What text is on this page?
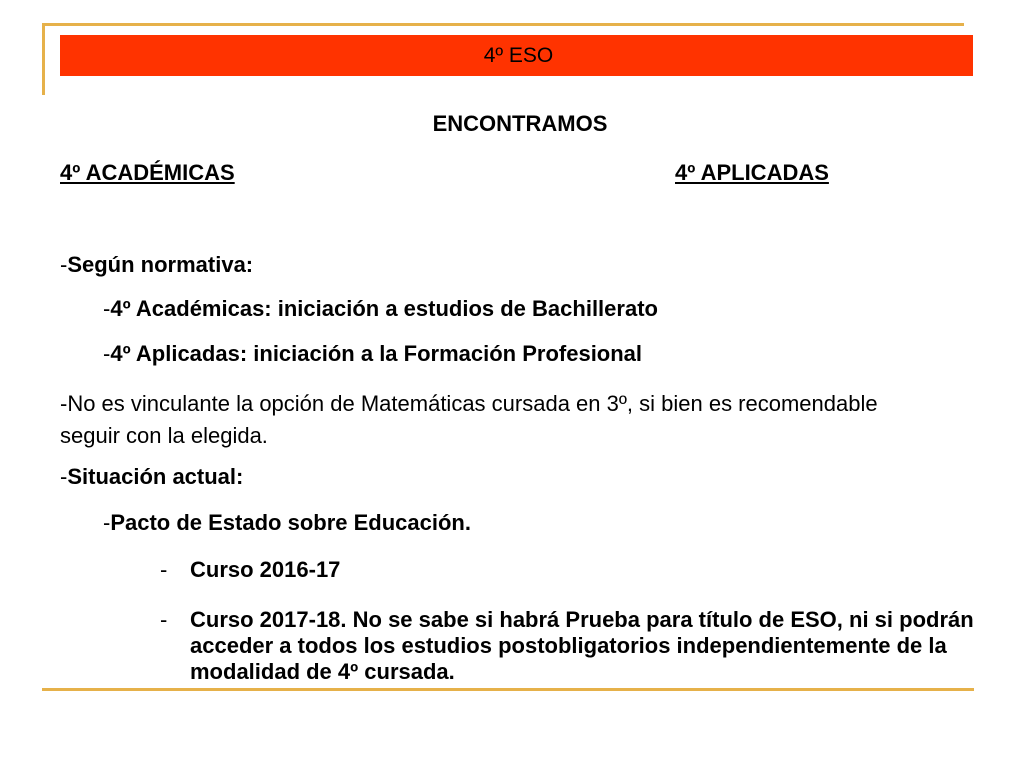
4º ESO
ENCONTRAMOS
4º ACADÉMICAS	4º APLICADAS
-Según normativa:
-4º Académicas: iniciación a estudios de Bachillerato
-4º Aplicadas: iniciación a la Formación Profesional
-No es vinculante la opción de Matemáticas cursada en 3º, si bien es recomendable seguir con la elegida.
-Situación actual:
-Pacto de Estado sobre Educación.
-	Curso 2016-17
-	Curso 2017-18. No se sabe si habrá Prueba para título de ESO, ni si podrán acceder a todos los estudios postobligatorios independientemente de la modalidad de 4º cursada.
